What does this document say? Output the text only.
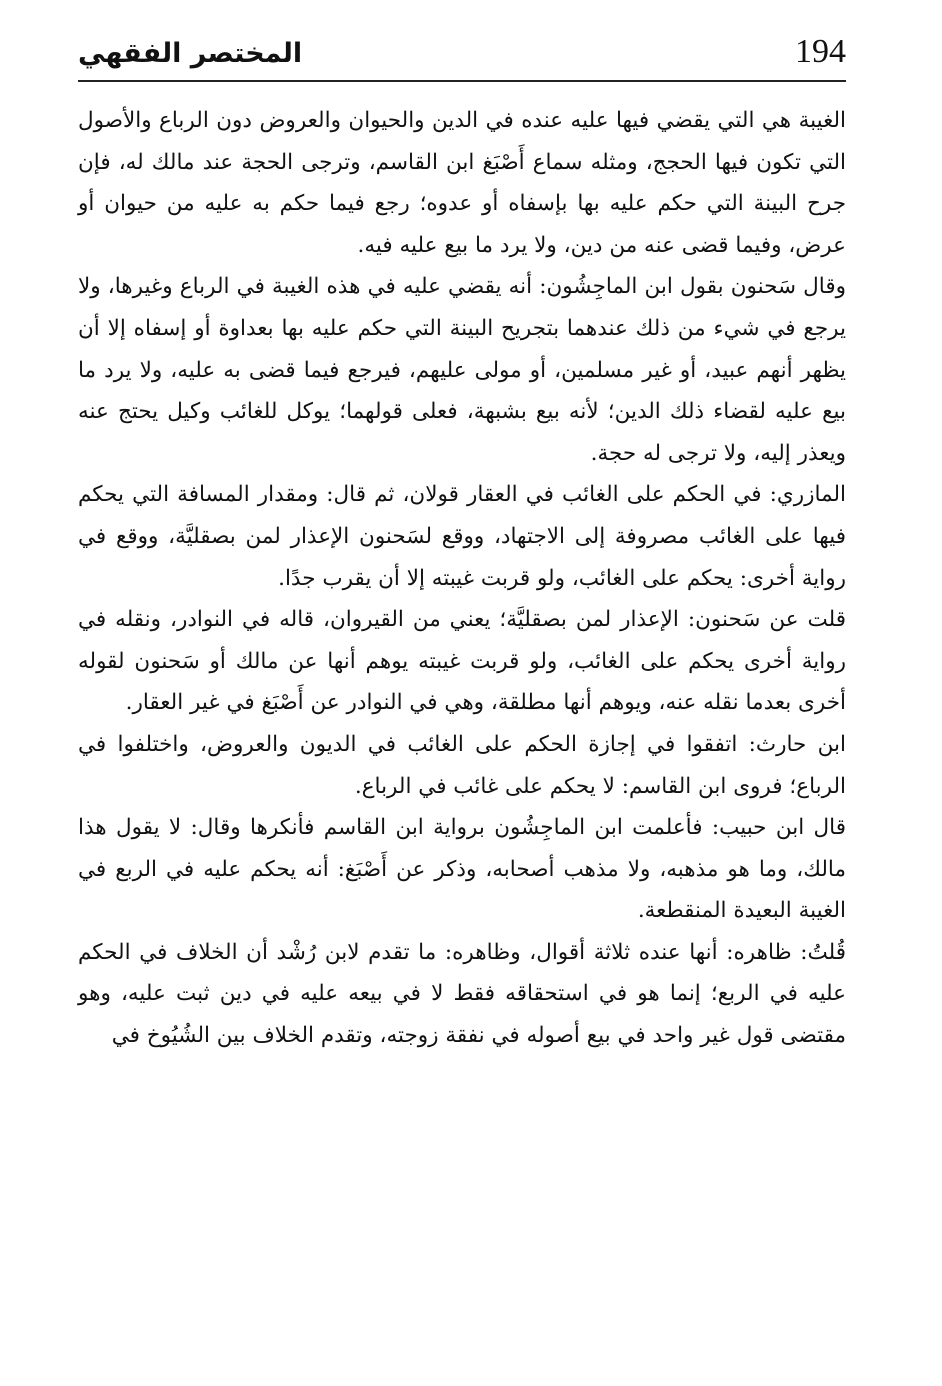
194
المختصر الفقهي

الغيبة هي التي يقضي فيها عليه عنده في الدين والحيوان والعروض دون الرباع والأصول التي تكون فيها الحجج، ومثله سماع أَصْبَغ ابن القاسم، وترجى الحجة عند مالك له، فإن جرح البينة التي حكم عليه بها بإسفاه أو عدوه؛ رجع فيما حكم به عليه من حيوان أو عرض، وفيما قضى عنه من دين، ولا يرد ما بيع عليه فيه.

وقال سَحنون بقول ابن الماجِشُون: أنه يقضي عليه في هذه الغيبة في الرباع وغيرها، ولا يرجع في شيء من ذلك عندهما بتجريح البينة التي حكم عليه بها بعداوة أو إسفاه إلا أن يظهر أنهم عبيد، أو غير مسلمين، أو مولى عليهم، فيرجع فيما قضى به عليه، ولا يرد ما بيع عليه لقضاء ذلك الدين؛ لأنه بيع بشبهة، فعلى قولهما؛ يوكل للغائب وكيل يحتج عنه ويعذر إليه، ولا ترجى له حجة.

المازري: في الحكم على الغائب في العقار قولان، ثم قال: ومقدار المسافة التي يحكم فيها على الغائب مصروفة إلى الاجتهاد، ووقع لسَحنون الإعذار لمن بصقليَّة، ووقع في رواية أخرى: يحكم على الغائب، ولو قربت غيبته إلا أن يقرب جدًا.

قلت عن سَحنون: الإعذار لمن بصقليَّة؛ يعني من القيروان، قاله في النوادر، ونقله في رواية أخرى يحكم على الغائب، ولو قربت غيبته يوهم أنها عن مالك أو سَحنون لقوله أخرى بعدما نقله عنه، ويوهم أنها مطلقة، وهي في النوادر عن أَصْبَغ في غير العقار.

ابن حارث: اتفقوا في إجازة الحكم على الغائب في الديون والعروض، واختلفوا في الرباع؛ فروى ابن القاسم: لا يحكم على غائب في الرباع.

قال ابن حبيب: فأعلمت ابن الماجِشُون برواية ابن القاسم فأنكرها وقال: لا يقول هذا مالك، وما هو مذهبه، ولا مذهب أصحابه، وذكر عن أَصْبَغ: أنه يحكم عليه في الربع في الغيبة البعيدة المنقطعة.

قُلتُ: ظاهره: أنها عنده ثلاثة أقوال، وظاهره: ما تقدم لابن رُشْد أن الخلاف في الحكم عليه في الربع؛ إنما هو في استحقاقه فقط لا في بيعه عليه في دين ثبت عليه، وهو مقتضى قول غير واحد في بيع أصوله في نفقة زوجته، وتقدم الخلاف بين الشُيُوخ في
